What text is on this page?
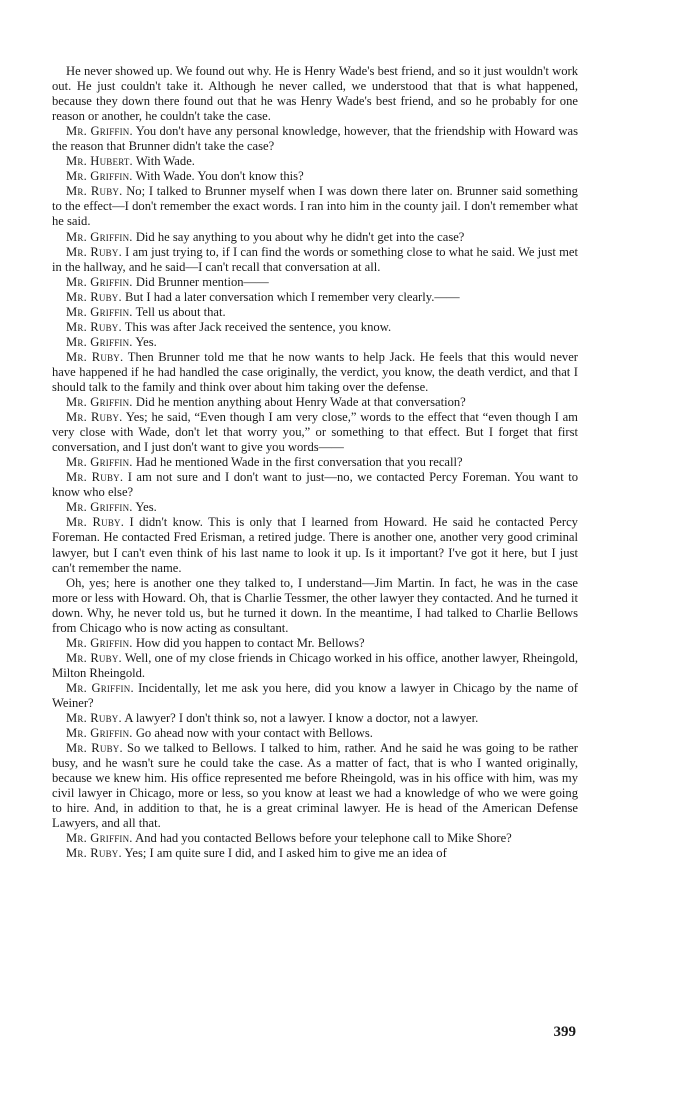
He never showed up. We found out why. He is Henry Wade's best friend, and so it just wouldn't work out. He just couldn't take it. Although he never called, we understood that that is what happened, because they down there found out that he was Henry Wade's best friend, and so he probably for one reason or another, he couldn't take the case.

Mr. Griffin. You don't have any personal knowledge, however, that the friendship with Howard was the reason that Brunner didn't take the case?

Mr. Hubert. With Wade.

Mr. Griffin. With Wade. You don't know this?

Mr. Ruby. No; I talked to Brunner myself when I was down there later on. Brunner said something to the effect—I don't remember the exact words. I ran into him in the county jail. I don't remember what he said.

Mr. Griffin. Did he say anything to you about why he didn't get into the case?

Mr. Ruby. I am just trying to, if I can find the words or something close to what he said. We just met in the hallway, and he said—I can't recall that conversation at all.

Mr. Griffin. Did Brunner mention——

Mr. Ruby. But I had a later conversation which I remember very clearly.——

Mr. Griffin. Tell us about that.

Mr. Ruby. This was after Jack received the sentence, you know.

Mr. Griffin. Yes.

Mr. Ruby. Then Brunner told me that he now wants to help Jack. He feels that this would never have happened if he had handled the case originally, the verdict, you know, the death verdict, and that I should talk to the family and think over about him taking over the defense.

Mr. Griffin. Did he mention anything about Henry Wade at that conversation?

Mr. Ruby. Yes; he said, “Even though I am very close,” words to the effect that “even though I am very close with Wade, don't let that worry you,” or something to that effect. But I forget that first conversation, and I just don't want to give you words——

Mr. Griffin. Had he mentioned Wade in the first conversation that you recall?

Mr. Ruby. I am not sure and I don't want to just—no, we contacted Percy Foreman. You want to know who else?

Mr. Griffin. Yes.

Mr. Ruby. I didn't know. This is only that I learned from Howard. He said he contacted Percy Foreman. He contacted Fred Erisman, a retired judge. There is another one, another very good criminal lawyer, but I can't even think of his last name to look it up. Is it important? I've got it here, but I just can't remember the name.

Oh, yes; here is another one they talked to, I understand—Jim Martin. In fact, he was in the case more or less with Howard. Oh, that is Charlie Tessmer, the other lawyer they contacted. And he turned it down. Why, he never told us, but he turned it down. In the meantime, I had talked to Charlie Bellows from Chicago who is now acting as consultant.

Mr. Griffin. How did you happen to contact Mr. Bellows?

Mr. Ruby. Well, one of my close friends in Chicago worked in his office, another lawyer, Rheingold, Milton Rheingold.

Mr. Griffin. Incidentally, let me ask you here, did you know a lawyer in Chicago by the name of Weiner?

Mr. Ruby. A lawyer? I don't think so, not a lawyer. I know a doctor, not a lawyer.

Mr. Griffin. Go ahead now with your contact with Bellows.

Mr. Ruby. So we talked to Bellows. I talked to him, rather. And he said he was going to be rather busy, and he wasn't sure he could take the case. As a matter of fact, that is who I wanted originally, because we knew him. His office represented me before Rheingold, was in his office with him, was my civil lawyer in Chicago, more or less, so you know at least we had a knowledge of who we were going to hire. And, in addition to that, he is a great criminal lawyer. He is head of the American Defense Lawyers, and all that.

Mr. Griffin. And had you contacted Bellows before your telephone call to Mike Shore?

Mr. Ruby. Yes; I am quite sure I did, and I asked him to give me an idea of

399
